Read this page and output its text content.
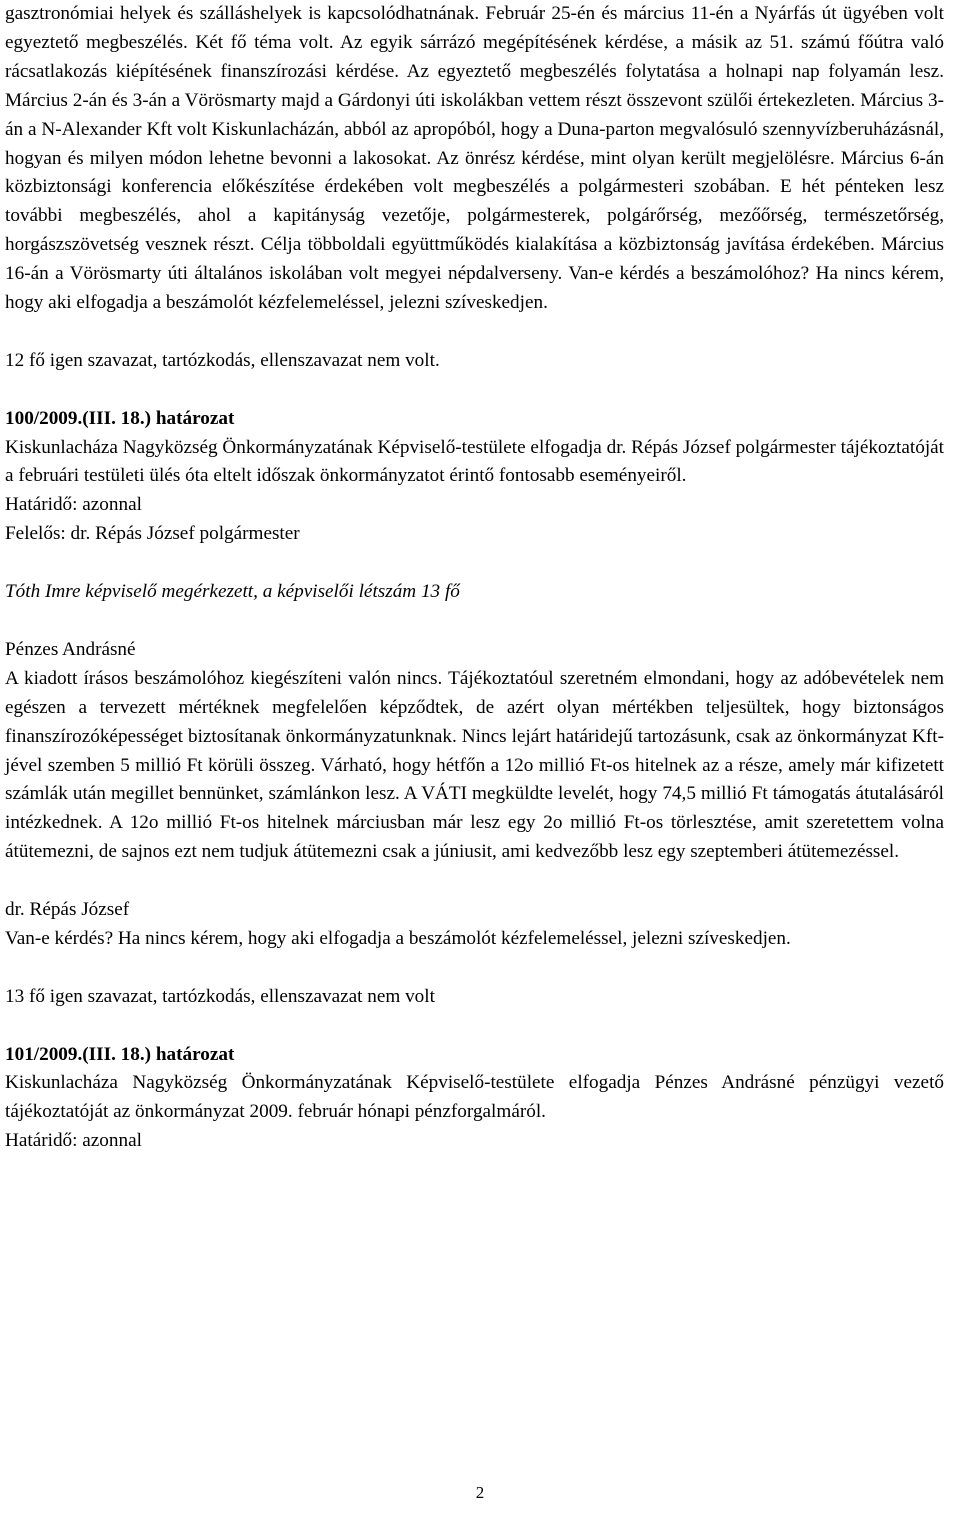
gasztronómiai helyek és szálláshelyek is kapcsolódhatnának. Február 25-én és március 11-én a Nyárfás út ügyében volt egyeztető megbeszélés. Két fő téma volt. Az egyik sárrázó megépítésének kérdése, a másik az 51. számú főútra való rácsatlakozás kiépítésének finanszírozási kérdése. Az egyeztető megbeszélés folytatása a holnapi nap folyamán lesz. Március 2-án és 3-án a Vörösmarty majd a Gárdonyi úti iskolákban vettem részt összevont szülői értekezleten. Március 3-án a N-Alexander Kft volt Kiskunlacházán, abból az apropóból, hogy a Duna-parton megvalósuló szennyvízberuházásnál, hogyan és milyen módon lehetne bevonni a lakosokat. Az önrész kérdése, mint olyan került megjelölésre. Március 6-án közbiztonsági konferencia előkészítése érdekében volt megbeszélés a polgármesteri szobában. E hét pénteken lesz további megbeszélés, ahol a kapitányság vezetője, polgármesterek, polgárőrség, mezőőrség, természetőrség, horgászszövetség vesznek részt. Célja többoldali együttműködés kialakítása a közbiztonság javítása érdekében. Március 16-án a Vörösmarty úti általános iskolában volt megyei népdalverseny. Van-e kérdés a beszámolóhoz? Ha nincs kérem, hogy aki elfogadja a beszámolót kézfelemeléssel, jelezni szíveskedjen.

12 fő igen szavazat, tartózkodás, ellenszavazat nem volt.

100/2009.(III. 18.) határozat

Kiskunlacháza Nagyközség Önkormányzatának Képviselő-testülete elfogadja dr. Répás József polgármester tájékoztatóját a februári testületi ülés óta eltelt időszak önkormányzatot érintő fontosabb eseményeiről.

Határidő: azonnal

Felelős: dr. Répás József polgármester

Tóth Imre képviselő megérkezett, a képviselői létszám 13 fő

Pénzes Andrásné

A kiadott írásos beszámolóhoz kiegészíteni valón nincs. Tájékoztatóul szeretném elmondani, hogy az adóbevételek nem egészen a tervezett mértéknek megfelelően képződtek, de azért olyan mértékben teljesültek, hogy biztonságos finanszírozóképességet biztosítanak önkormányzatunknak. Nincs lejárt határidejű tartozásunk, csak az önkormányzat Kft-jével szemben 5 millió Ft körüli összeg. Várható, hogy hétfőn a 12o millió Ft-os hitelnek az a része, amely már kifizetett számlák után megillet bennünket, számlánkon lesz. A VÁTI megküldte levelét, hogy 74,5 millió Ft támogatás átutalásáról intézkednek. A 12o millió Ft-os hitelnek márciusban már lesz egy 2o millió Ft-os törlesztése, amit szeretettem volna átütemezni, de sajnos ezt nem tudjuk átütemezni csak a júniusit, ami kedvezőbb lesz egy szeptemberi átütemezéssel.

dr. Répás József

Van-e kérdés? Ha nincs kérem, hogy aki elfogadja a beszámolót kézfelemeléssel, jelezni szíveskedjen.

13 fő igen szavazat, tartózkodás, ellenszavazat nem volt

101/2009.(III. 18.) határozat

Kiskunlacháza Nagyközség Önkormányzatának Képviselő-testülete elfogadja Pénzes Andrásné pénzügyi vezető tájékoztatóját az önkormányzat 2009. február hónapi pénzforgalmáról.

Határidő: azonnal

2
